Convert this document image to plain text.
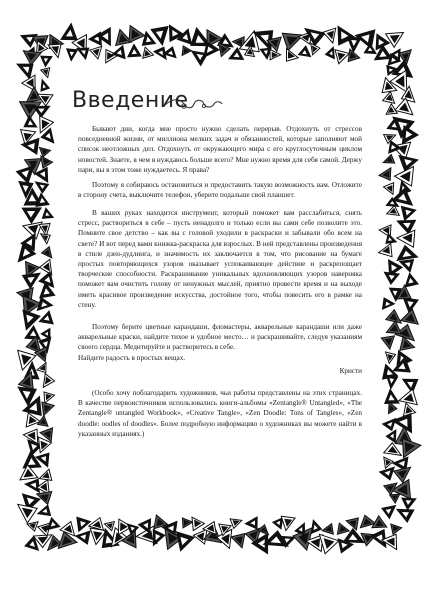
Введение

Бывают дни, когда мне просто нужно сделать перерыв. Отдохнуть от стрессов повседневной жизни, от миллиона мелких задач и обязанностей, которые заполняют мой список неотложных дел. Отдохнуть от окружающего мира с его круглосуточным циклом новостей. Знаете, в чем я нуждаюсь больше всего? Мне нужно время для себя самой. Держу пари, вы в этом тоже нуждаетесь. Я права?

Поэтому я собираюсь остановиться и предоставить такую возможность вам. Отложите в сторону счета, выключите телефон, уберите подальше свой планшет.

В ваших руках находится инструмент, который поможет вам расслабиться, снять стресс, раствориться в себе – пусть ненадолго и только если вы сами себе позволите это. Помните свое детство – как вы с головой уходили в раскраски и забывали обо всем на свете? И вот перед вами книжка-раскраска для взрослых. В ней представлены произведения в стиле дзен-дудлинга, и значимость их заключается в том, что рисование на бумаге простых повторяющихся узоров оказывает успокаивающее действие и раскрепощает творческие способности. Раскрашивание уникальных вдохновляющих узоров наверняка поможет вам очистить голову от ненужных мыслей, приятно провести время и на выходе иметь красивое произведение искусства, достойное того, чтобы повесить его в рамке на стену.

Поэтому берите цветные карандаши, фломастеры, акварельные карандаши или даже акварельные краски, найдите тихое и удобное место… и раскрашивайте, следуя указаниям своего сердца. Медитируйте и растворитесь в себе.
Найдите радость в простых вещах.

Кристи

(Особо хочу поблагодарить художников, чьи работы представлены на этих страницах. В качестве первоисточников использовались книги-альбомы «Zentangle® Untangled», «The Zentangle® untangled Workbook», «Creative Tangle», «Zen Doodle: Tons of Tangles», «Zen doodle: oodles of doodles». Более подробную информацию о художниках вы можете найти в указанных изданиях.)
